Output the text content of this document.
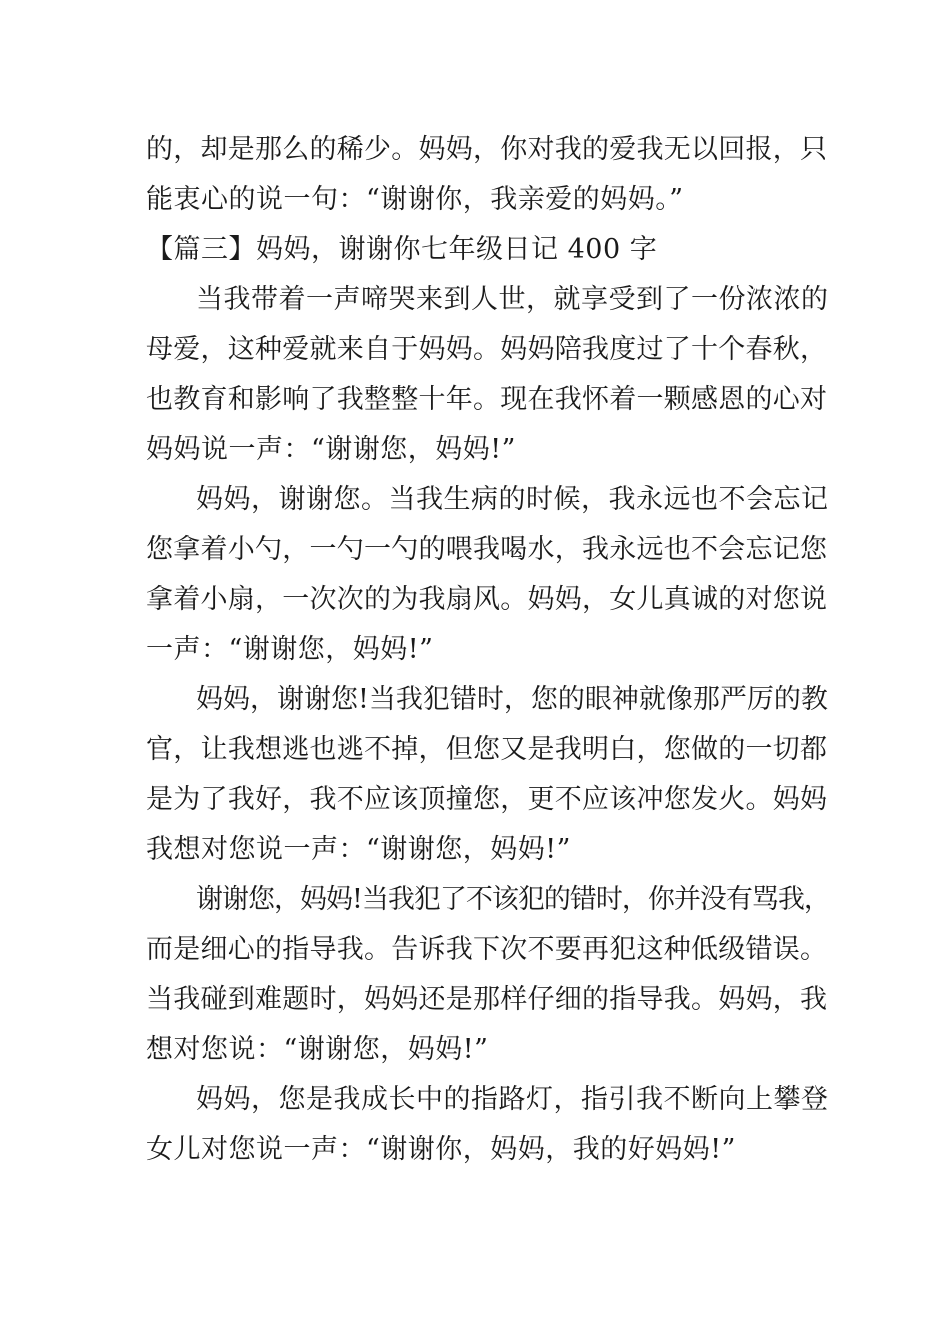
的，却是那么的稀少。妈妈，你对我的爱我无以回报，只
能衷心的说一句：“谢谢你，我亲爱的妈妈。”
【篇三】妈妈，谢谢你七年级日记 400 字
当我带着一声啼哭来到人世，就享受到了一份浓浓的
母爱，这种爱就来自于妈妈。妈妈陪我度过了十个春秋，
也教育和影响了我整整十年。现在我怀着一颗感恩的心对
妈妈说一声：“谢谢您，妈妈!”
妈妈，谢谢您。当我生病的时候，我永远也不会忘记
您拿着小勺，一勺一勺的喂我喝水，我永远也不会忘记您
拿着小扇，一次次的为我扇风。妈妈，女儿真诚的对您说
一声：“谢谢您，妈妈!”
妈妈，谢谢您!当我犯错时，您的眼神就像那严厉的教
官，让我想逃也逃不掉，但您又是我明白，您做的一切都
是为了我好，我不应该顶撞您，更不应该冲您发火。妈妈
我想对您说一声：“谢谢您，妈妈!”
谢谢您，妈妈!当我犯了不该犯的错时，你并没有骂我，
而是细心的指导我。告诉我下次不要再犯这种低级错误。
当我碰到难题时，妈妈还是那样仔细的指导我。妈妈，我
想对您说：“谢谢您，妈妈!”
妈妈，您是我成长中的指路灯，指引我不断向上攀登
女儿对您说一声：“谢谢你，妈妈，我的好妈妈!”
